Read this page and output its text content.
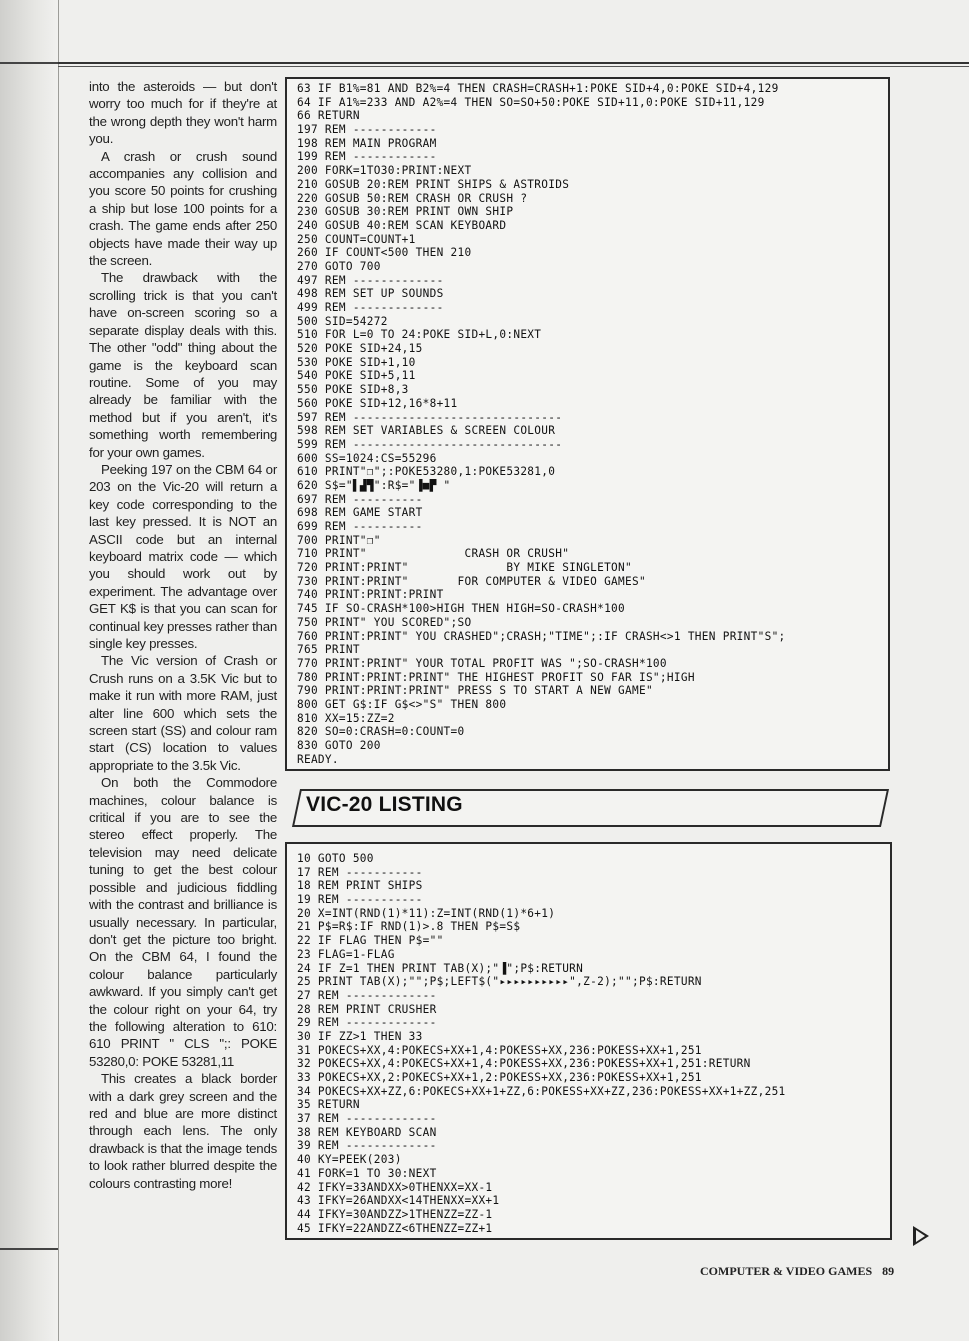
into the asteroids — but don't worry too much for if they're at the wrong depth they won't harm you.

A crash or crush sound accompanies any collision and you score 50 points for crushing a ship but lose 100 points for a crash. The game ends after 250 objects have made their way up the screen.

The drawback with the scrolling trick is that you can't have on-screen scoring so a separate display deals with this. The other "odd" thing about the game is the keyboard scan routine. Some of you may already be familiar with the method but if you aren't, it's something worth remembering for your own games.

Peeking 197 on the CBM 64 or 203 on the Vic-20 will return a key code corresponding to the last key pressed. It is NOT an ASCII code but an internal keyboard matrix code — which you should work out by experiment. The advantage over GET K$ is that you can scan for continual key presses rather than single key presses.

The Vic version of Crash or Crush runs on a 3.5K Vic but to make it run with more RAM, just alter line 600 which sets the screen start (SS) and colour ram start (CS) location to values appropriate to the 3.5k Vic.

On both the Commodore machines, colour balance is critical if you are to see the stereo effect properly. The television may need delicate tuning to get the best colour possible and judicious fiddling with the contrast and brilliance is usually necessary. In particular, don't get the picture too bright. On the CBM 64, I found the colour balance particularly awkward. If you simply can't get the colour right on your 64, try the following alteration to 610: 610 PRINT " CLS ";: POKE 53280,0: POKE 53281,11

This creates a black border with a dark grey screen and the red and blue are more distinct through each lens. The only drawback is that the image tends to look rather blurred despite the colours contrasting more!

63 IF B1%=81 AND B2%=4 THEN CRASH=CRASH+1:POKE SID+4,0:POKE SID+4,129
64 IF A1%=233 AND A2%=4 THEN SO=SO+50:POKE SID+11,0:POKE SID+11,129
66 RETURN
197 REM ------------
198 REM MAIN PROGRAM
199 REM ------------
200 FORK=1TO30:PRINT:NEXT
210 GOSUB 20:REM PRINT SHIPS & ASTROIDS
220 GOSUB 50:REM CRASH OR CRUSH ?
230 GOSUB 30:REM PRINT OWN SHIP
240 GOSUB 40:REM SCAN KEYBOARD
250 COUNT=COUNT+1
260 IF COUNT<500 THEN 210
270 GOTO 700
497 REM -------------
498 REM SET UP SOUNDS
499 REM -------------
500 SID=54272
510 FOR L=0 TO 24:POKE SID+L,0:NEXT
520 POKE SID+24,15
530 POKE SID+1,10
540 POKE SID+5,11
550 POKE SID+8,3
560 POKE SID+12,16*8+11
597 REM ------------------------------
598 REM SET VARIABLES & SCREEN COLOUR
599 REM ------------------------------
600 SS=1024:CS=55296
610 PRINT"❐";:POKE53280,1:POKE53281,0
620 S$="▌▟▜":R$="▐■▛ "
697 REM ----------
698 REM GAME START
699 REM ----------
700 PRINT"❐"
710 PRINT"              CRASH OR CRUSH"
720 PRINT:PRINT"              BY MIKE SINGLETON"
730 PRINT:PRINT"       FOR COMPUTER & VIDEO GAMES"
740 PRINT:PRINT:PRINT
745 IF SO-CRASH*100>HIGH THEN HIGH=SO-CRASH*100
750 PRINT" YOU SCORED";SO
760 PRINT:PRINT" YOU CRASHED";CRASH;"TIME";:IF CRASH<>1 THEN PRINT"S";
765 PRINT
770 PRINT:PRINT" YOUR TOTAL PROFIT WAS ";SO-CRASH*100
780 PRINT:PRINT:PRINT" THE HIGHEST PROFIT SO FAR IS";HIGH
790 PRINT:PRINT:PRINT" PRESS S TO START A NEW GAME"
800 GET G$:IF G$<>"S" THEN 800
810 XX=15:ZZ=2
820 SO=0:CRASH=0:COUNT=0
830 GOTO 200
READY.
VIC-20 LISTING
10 GOTO 500
17 REM -----------
18 REM PRINT SHIPS
19 REM -----------
20 X=INT(RND(1)*11):Z=INT(RND(1)*6+1)
21 P$=R$:IF RND(1)>.8 THEN P$=S$
22 IF FLAG THEN P$=""
23 FLAG=1-FLAG
24 IF Z=1 THEN PRINT TAB(X);"▐";P$:RETURN
25 PRINT TAB(X);"";P$;LEFT$("▸▸▸▸▸▸▸▸▸▸",Z-2);"";P$:RETURN
27 REM -------------
28 REM PRINT CRUSHER
29 REM -------------
30 IF ZZ>1 THEN 33
31 POKECS+XX,4:POKECS+XX+1,4:POKESS+XX,236:POKESS+XX+1,251
32 POKECS+XX,4:POKECS+XX+1,4:POKESS+XX,236:POKESS+XX+1,251:RETURN
33 POKECS+XX,2:POKECS+XX+1,2:POKESS+XX,236:POKESS+XX+1,251
34 POKECS+XX+ZZ,6:POKECS+XX+1+ZZ,6:POKESS+XX+ZZ,236:POKESS+XX+1+ZZ,251
35 RETURN
37 REM -------------
38 REM KEYBOARD SCAN
39 REM -------------
40 KY=PEEK(203)
41 FORK=1 TO 30:NEXT
42 IFKY=33ANDXX>0THENXX=XX-1
43 IFKY=26ANDXX<14THENXX=XX+1
44 IFKY=30ANDZZ>1THENZZ=ZZ-1
45 IFKY=22ANDZZ<6THENZZ=ZZ+1
COMPUTER & VIDEO GAMES 89
